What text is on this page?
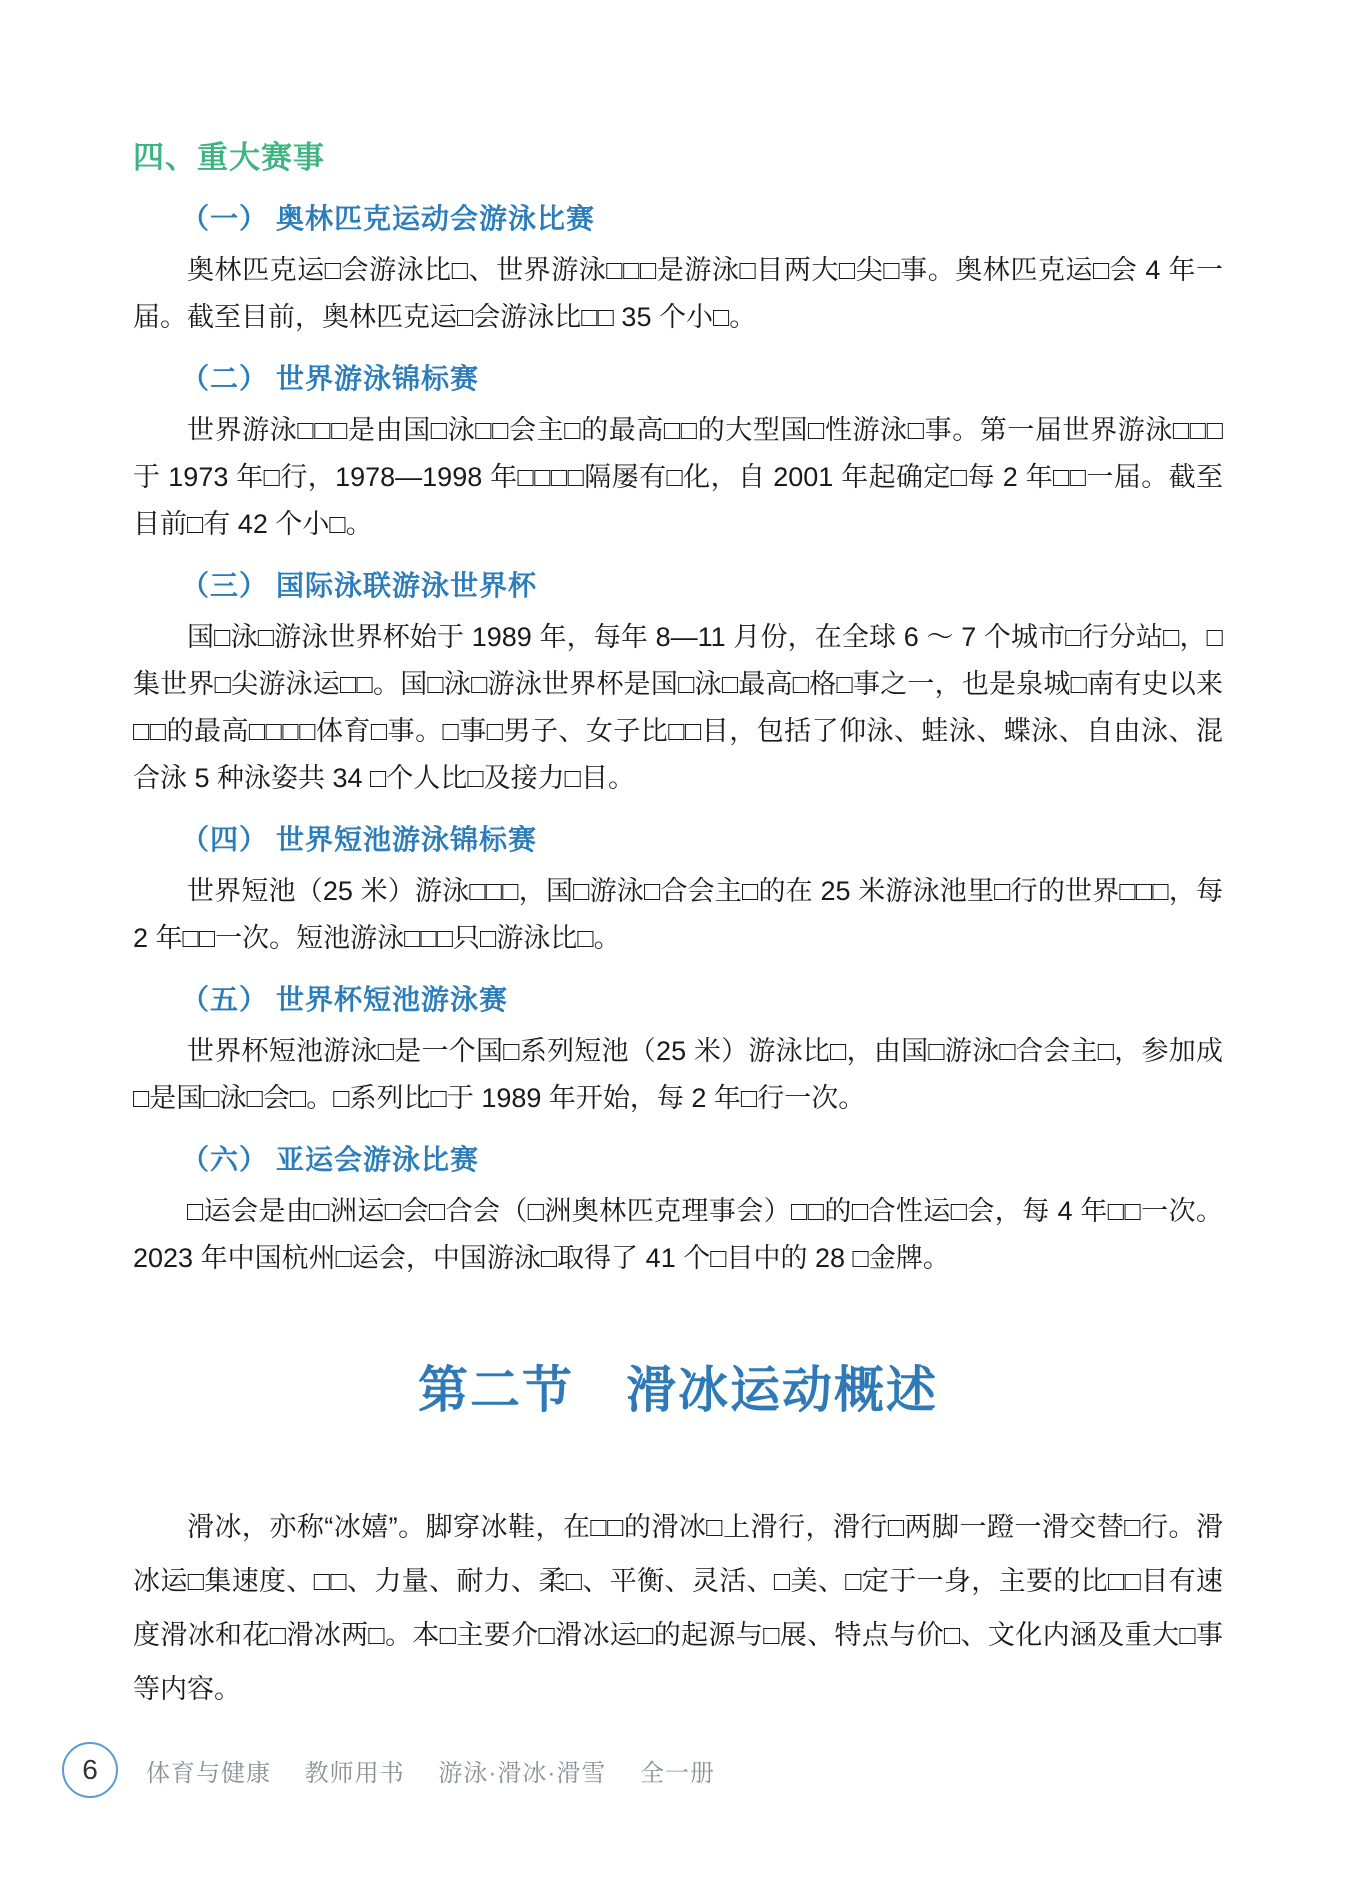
四、重大赛事
（一） 奥林匹克运动会游泳比赛

奥林匹克运□会游泳比□、世界游泳□□□是游泳□目两大□尖□事。奥林匹克运□会 4 年一届。截至目前，奥林匹克运□会游泳比□□ 35 个小□。

（二） 世界游泳锦标赛

世界游泳□□□是由国□泳□□会主□的最高□□的大型国□性游泳□事。第一届世界游泳□□□于 1973 年□行，1978—1998 年□□□□隔屡有□化，自 2001 年起确定□每 2 年□□一届。截至目前□有 42 个小□。

（三） 国际泳联游泳世界杯

国□泳□游泳世界杯始于 1989 年，每年 8—11 月份，在全球 6 ～ 7 个城市□行分站□，□集世界□尖游泳运□□。国□泳□游泳世界杯是国□泳□最高□格□事之一，也是泉城□南有史以来□□的最高□□□□体育□事。□事□男子、女子比□□目，包括了仰泳、蛙泳、蝶泳、自由泳、混合泳 5 种泳姿共 34 □个人比□及接力□目。

（四） 世界短池游泳锦标赛

世界短池（25 米）游泳□□□，国□游泳□合会主□的在 25 米游泳池里□行的世界□□□，每 2 年□□一次。短池游泳□□□只□游泳比□。

（五） 世界杯短池游泳赛

世界杯短池游泳□是一个国□系列短池（25 米）游泳比□，由国□游泳□合会主□，参加成□是国□泳□会□。□系列比□于 1989 年开始，每 2 年□行一次。

（六） 亚运会游泳比赛

□运会是由□洲运□会□合会（□洲奥林匹克理事会）□□的□合性运□会，每 4 年□□一次。2023 年中国杭州□运会，中国游泳□取得了 41 个□目中的 28 □金牌。

第二节　滑冰运动概述

滑冰，亦称“冰嬉”。脚穿冰鞋，在□□的滑冰□上滑行，滑行□两脚一蹬一滑交替□行。滑冰运□集速度、□□、力量、耐力、柔□、平衡、灵活、□美、□定于一身，主要的比□□目有速度滑冰和花□滑冰两□。本□主要介□滑冰运□的起源与□展、特点与价□、文化内涵及重大□事等内容。

6	体育与健康 教师用书 游泳·滑冰·滑雪 全一册
